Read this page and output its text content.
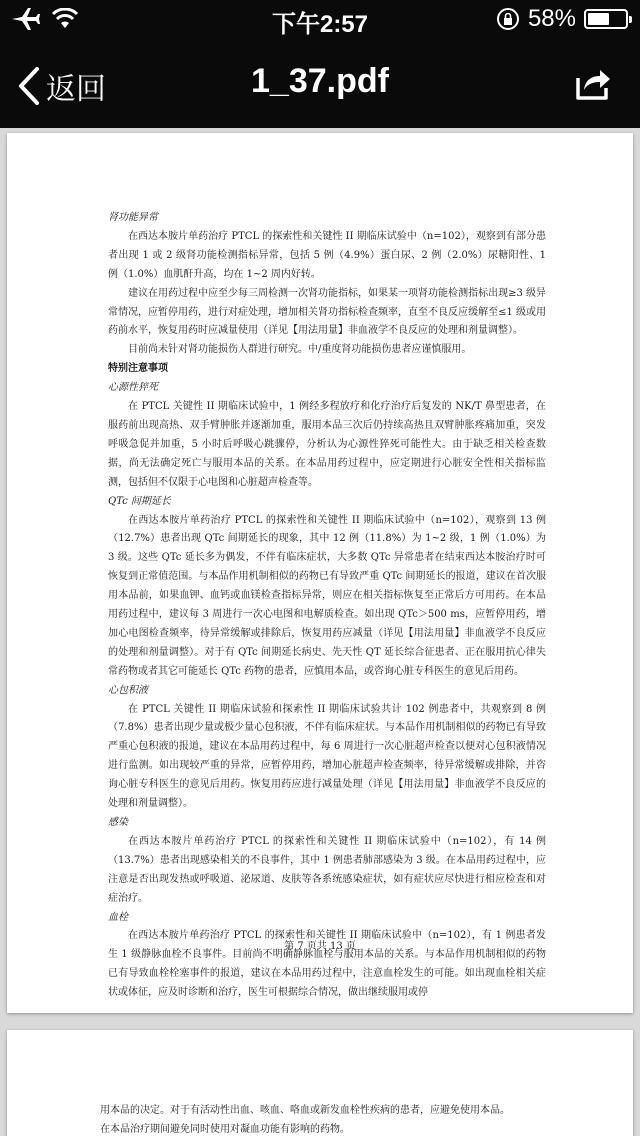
下午2:57	58%
返回	1_37.pdf
肾功能异常

在西达本胺片单药治疗 PTCL 的探索性和关键性 II 期临床试验中（n=102），观察到有部分患者出现 1 或 2 级肾功能检测指标异常，包括 5 例（4.9%）蛋白尿、2 例（2.0%）尿糖阳性、1 例（1.0%）血肌酐升高，均在 1~2 周内好转。

建议在用药过程中应至少每三周检测一次肾功能指标，如果某一项肾功能检测指标出现≥3 级异常情况，应暂停用药，进行对症处理，增加相关肾功指标检查频率，直至不良反应缓解至≤1 级或用药前水平，恢复用药时应减量使用（详见【用法用量】非血液学不良反应的处理和剂量调整）。

目前尚未针对肾功能损伤人群进行研究。中/重度肾功能损伤患者应谨慎服用。

特别注意事项
心源性猝死

在 PTCL 关键性 II 期临床试验中，1 例经多程放疗和化疗治疗后复发的 NK/T 鼻型患者，在服药前出现高热、双手臂肿胀并逐渐加重，服用本品三次后仍持续高热且双臂肿胀疼痛加重，突发呼吸急促并加重，5 小时后呼吸心跳骤停，分析认为心源性猝死可能性大。由于缺乏相关检查数据，尚无法确定死亡与服用本品的关系。在本品用药过程中，应定期进行心脏安全性相关指标监测，包括但不仅限于心电图和心脏超声检查等。

QTc 间期延长

在西达本胺片单药治疗 PTCL 的探索性和关键性 II 期临床试验中（n=102），观察到 13 例（12.7%）患者出现 QTc 间期延长的现象，其中 12 例（11.8%）为 1~2 级，1 例（1.0%）为 3 级。这些 QTc 延长多为偶发，不伴有临床症状，大多数 QTc 异常患者在结束西达本胺治疗时可恢复到正常值范围。与本品作用机制相似的药物已有导致严重 QTc 间期延长的报道，建议在首次服用本品前，如果血钾、血钙或血镁检查指标异常，则应在相关指标恢复至正常后方可用药。在本品用药过程中，建议每 3 周进行一次心电图和电解质检查。如出现 QTc＞500 ms，应暂停用药，增加心电图检查频率，待异常缓解或排除后，恢复用药应减量（详见【用法用量】非血液学不良反应的处理和剂量调整）。对于有 QTc 间期延长病史、先天性 QT 延长综合征患者、正在服用抗心律失常药物或者其它可能延长 QTc 药物的患者，应慎用本品，或咨询心脏专科医生的意见后用药。

心包积液

在 PTCL 关键性 II 期临床试验和探索性 II 期临床试验共计 102 例患者中，共观察到 8 例（7.8%）患者出现少量或极少量心包积液，不伴有临床症状。与本品作用机制相似的药物已有导致严重心包积液的报道，建议在本品用药过程中，每 6 周进行一次心脏超声检查以便对心包积液情况进行监测。如出现较严重的异常，应暂停用药，增加心脏超声检查频率，待异常缓解或排除，并咨询心脏专科医生的意见后用药。恢复用药应进行减量处理（详见【用法用量】非血液学不良反应的处理和剂量调整）。

感染

在西达本胺片单药治疗 PTCL 的探索性和关键性 II 期临床试验中（n=102），有 14 例（13.7%）患者出现感染相关的不良事件，其中 1 例患者肺部感染为 3 级。在本品用药过程中，应注意是否出现发热或呼吸道、泌尿道、皮肤等各系统感染症状，如有症状应尽快进行相应检查和对症治疗。

血栓

在西达本胺片单药治疗 PTCL 的探索性和关键性 II 期临床试验中（n=102），有 1 例患者发生 1 级静脉血栓不良事件。目前尚不明确静脉血栓与服用本品的关系。与本品作用机制相似的药物已有导致血栓栓塞事件的报道，建议在本品用药过程中，注意血栓发生的可能。如出现血栓相关症状或体征，应及时诊断和治疗，医生可根据综合情况，做出继续服用或停

第 7 页共 13 页
用本品的决定。对于有活动性出血、咳血、咯血或新发血栓性疾病的患者，应避免使用本品。
在本品治疗期间避免同时使用对凝血功能有影响的药物。
